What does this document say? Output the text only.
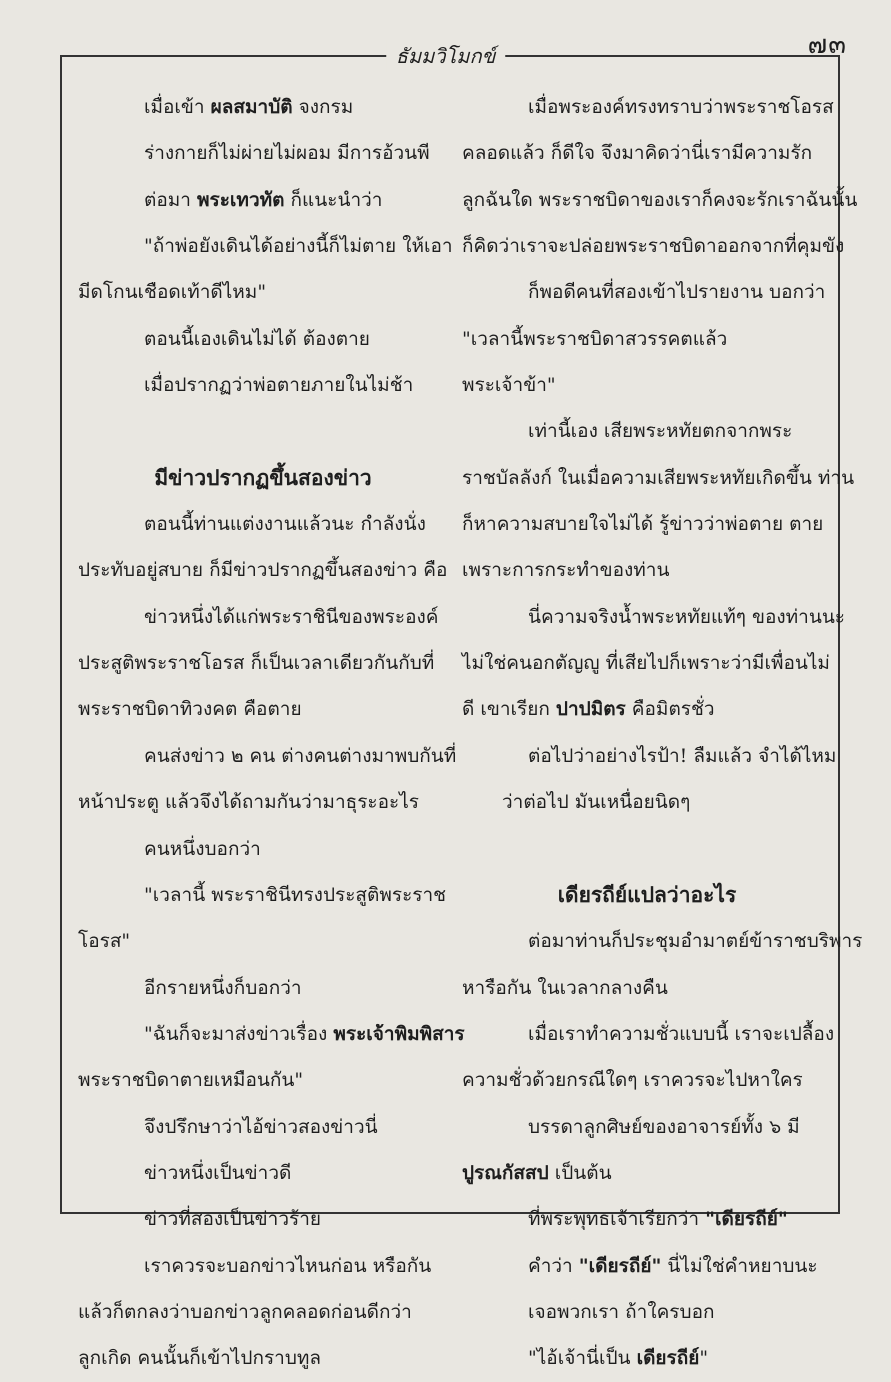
๗๓
ธัมมวิโมกข์

เมื่อเข้า ผลสมาบัติ จงกรม

ร่างกายก็ไม่ผ่ายไม่ผอม มีการอ้วนพี

ต่อมา พระเทวทัต ก็แนะนำว่า

"ถ้าพ่อยังเดินได้อย่างนี้ก็ไม่ตาย ให้เอา

มีดโกนเชือดเท้าดีไหม"

ตอนนี้เองเดินไม่ได้ ต้องตาย

เมื่อปรากฏว่าพ่อตายภายในไม่ช้า

มีข่าวปรากฏขึ้นสองข่าว

ตอนนี้ท่านแต่งงานแล้วนะ กำลังนั่ง

ประทับอยู่สบาย ก็มีข่าวปรากฏขึ้นสองข่าว คือ

ข่าวหนึ่งได้แก่พระราชินีของพระองค์

ประสูติพระราชโอรส ก็เป็นเวลาเดียวกันกับที่

พระราชบิดาทิวงคต คือตาย

คนส่งข่าว ๒ คน ต่างคนต่างมาพบกันที่

หน้าประตู แล้วจึงได้ถามกันว่ามาธุระอะไร

คนหนึ่งบอกว่า

"เวลานี้ พระราชินีทรงประสูติพระราช

โอรส"

อีกรายหนึ่งก็บอกว่า

"ฉันก็จะมาส่งข่าวเรื่อง พระเจ้าพิมพิสาร

พระราชบิดาตายเหมือนกัน"

จึงปรึกษาว่าไอ้ข่าวสองข่าวนี่

ข่าวหนึ่งเป็นข่าวดี

ข่าวที่สองเป็นข่าวร้าย

เราควรจะบอกข่าวไหนก่อน หรือกัน

แล้วก็ตกลงว่าบอกข่าวลูกคลอดก่อนดีกว่า

ลูกเกิด คนนั้นก็เข้าไปกราบทูล

เมื่อพระองค์ทรงทราบว่าพระราชโอรส

คลอดแล้ว ก็ดีใจ จึงมาคิดว่านี่เรามีความรัก

ลูกฉันใด พระราชบิดาของเราก็คงจะรักเราฉันนั้น

ก็คิดว่าเราจะปล่อยพระราชบิดาออกจากที่คุมขัง

ก็พอดีคนที่สองเข้าไปรายงาน บอกว่า

"เวลานี้พระราชบิดาสวรรคตแล้ว

พระเจ้าข้า"

เท่านี้เอง เสียพระหทัยตกจากพระ

ราชบัลลังก์ ในเมื่อความเสียพระหทัยเกิดขึ้น ท่าน

ก็หาความสบายใจไม่ได้ รู้ข่าวว่าพ่อตาย ตาย

เพราะการกระทำของท่าน

นี่ความจริงน้ำพระหทัยแท้ๆ ของท่านนะ

ไม่ใช่คนอกตัญญู ที่เสียไปก็เพราะว่ามีเพื่อนไม่

ดี เขาเรียก ปาปมิตร คือมิตรชั่ว

ต่อไปว่าอย่างไรป้า! ลืมแล้ว จำได้ไหม

ว่าต่อไป มันเหนื่อยนิดๆ

เดียรถีย์แปลว่าอะไร

ต่อมาท่านก็ประชุมอำมาตย์ข้าราชบริพาร

หารือกัน ในเวลากลางคืน

เมื่อเราทำความชั่วแบบนี้ เราจะเปลื้อง

ความชั่วด้วยกรณีใดๆ เราควรจะไปหาใคร

บรรดาลูกศิษย์ของอาจารย์ทั้ง ๖ มี

ปูรณกัสสป เป็นต้น

ที่พระพุทธเจ้าเรียกว่า "เดียรถีย์"

คำว่า "เดียรถีย์" นี่ไม่ใช่คำหยาบนะ

เจอพวกเรา ถ้าใครบอก

"ไอ้เจ้านี่เป็น เดียรถีย์"
